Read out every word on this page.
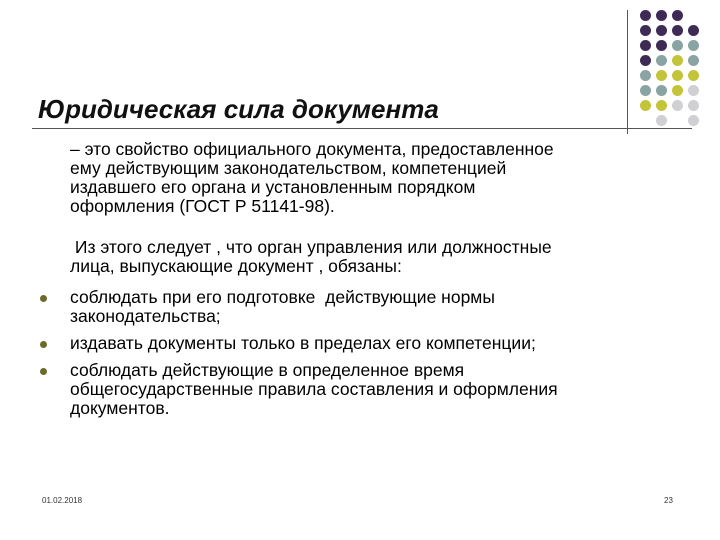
Юридическая сила документа
– это свойство официального документа, предоставленное
ему действующим законодательством, компетенцией
издавшего его органа и установленным порядком
оформления (ГОСТ Р 51141-98).
Из этого следует , что орган управления или должностные
лица, выпускающие документ , обязаны:
соблюдать при его подготовке  действующие нормы
законодательства;
издавать документы только в пределах его компетенции;
соблюдать действующие в определенное время
общегосударственные правила составления и оформления
документов.
01.02.2018	23
